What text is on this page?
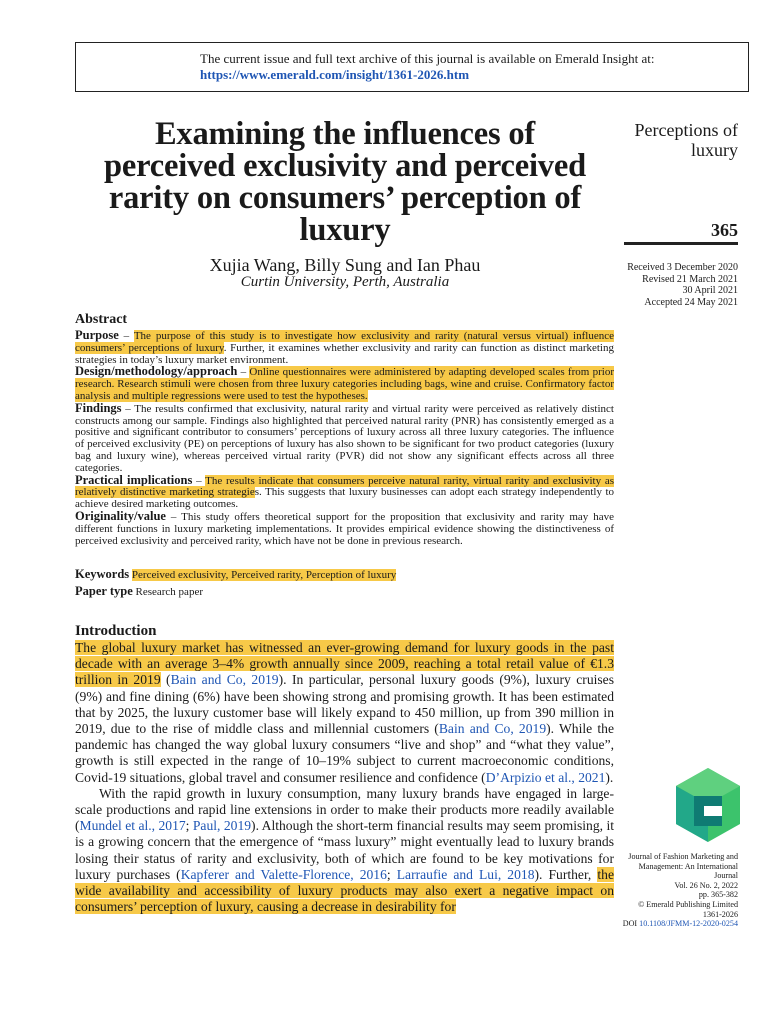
The current issue and full text archive of this journal is available on Emerald Insight at:
https://www.emerald.com/insight/1361-2026.htm
Examining the influences of perceived exclusivity and perceived rarity on consumers’ perception of luxury
Xujia Wang, Billy Sung and Ian Phau
Curtin University, Perth, Australia
Perceptions of luxury
365
Received 3 December 2020
Revised 21 March 2021
30 April 2021
Accepted 24 May 2021
Abstract

Purpose – The purpose of this study is to investigate how exclusivity and rarity (natural versus virtual) influence consumers’ perceptions of luxury. Further, it examines whether exclusivity and rarity can function as distinct marketing strategies in today’s luxury market environment.

Design/methodology/approach – Online questionnaires were administered by adapting developed scales from prior research. Research stimuli were chosen from three luxury categories including bags, wine and cruise. Confirmatory factor analysis and multiple regressions were used to test the hypotheses.

Findings – The results confirmed that exclusivity, natural rarity and virtual rarity were perceived as relatively distinct constructs among our sample. Findings also highlighted that perceived natural rarity (PNR) has consistently emerged as a positive and significant contributor to consumers’ perceptions of luxury across all three luxury categories. The influence of perceived exclusivity (PE) on perceptions of luxury has also shown to be significant for two product categories (luxury bag and luxury wine), whereas perceived virtual rarity (PVR) did not show any significant effects across all three categories.

Practical implications – The results indicate that consumers perceive natural rarity, virtual rarity and exclusivity as relatively distinctive marketing strategies. This suggests that luxury businesses can adopt each strategy independently to achieve desired marketing outcomes.

Originality/value – This study offers theoretical support for the proposition that exclusivity and rarity may have different functions in luxury marketing implementations. It provides empirical evidence showing the distinctiveness of perceived exclusivity and perceived rarity, which have not be done in previous research.

Keywords Perceived exclusivity, Perceived rarity, Perception of luxury
Paper type Research paper
Introduction

The global luxury market has witnessed an ever-growing demand for luxury goods in the past decade with an average 3–4% growth annually since 2009, reaching a total retail value of €1.3 trillion in 2019 (Bain and Co, 2019). In particular, personal luxury goods (9%), luxury cruises (9%) and fine dining (6%) have been showing strong and promising growth. It has been estimated that by 2025, the luxury customer base will likely expand to 450 million, up from 390 million in 2019, due to the rise of middle class and millennial customers (Bain and Co, 2019). While the pandemic has changed the way global luxury consumers “live and shop” and “what they value”, growth is still expected in the range of 10–19% subject to current macroeconomic conditions, Covid-19 situations, global travel and consumer resilience and confidence (D’Arpizio et al., 2021).

With the rapid growth in luxury consumption, many luxury brands have engaged in large-scale productions and rapid line extensions in order to make their products more readily available (Mundel et al., 2017; Paul, 2019). Although the short-term financial results may seem promising, it is a growing concern that the emergence of “mass luxury” might eventually lead to luxury brands losing their status of rarity and exclusivity, both of which are found to be key motivations for luxury purchases (Kapferer and Valette-Florence, 2016; Larraufie and Lui, 2018). Further, the wide availability and accessibility of luxury products may also exert a negative impact on consumers’ perception of luxury, causing a decrease in desirability for

Journal of Fashion Marketing and
Management: An International
Journal
Vol. 26 No. 2, 2022
pp. 365-382
© Emerald Publishing Limited
1361-2026
DOI 10.1108/JFMM-12-2020-0254
